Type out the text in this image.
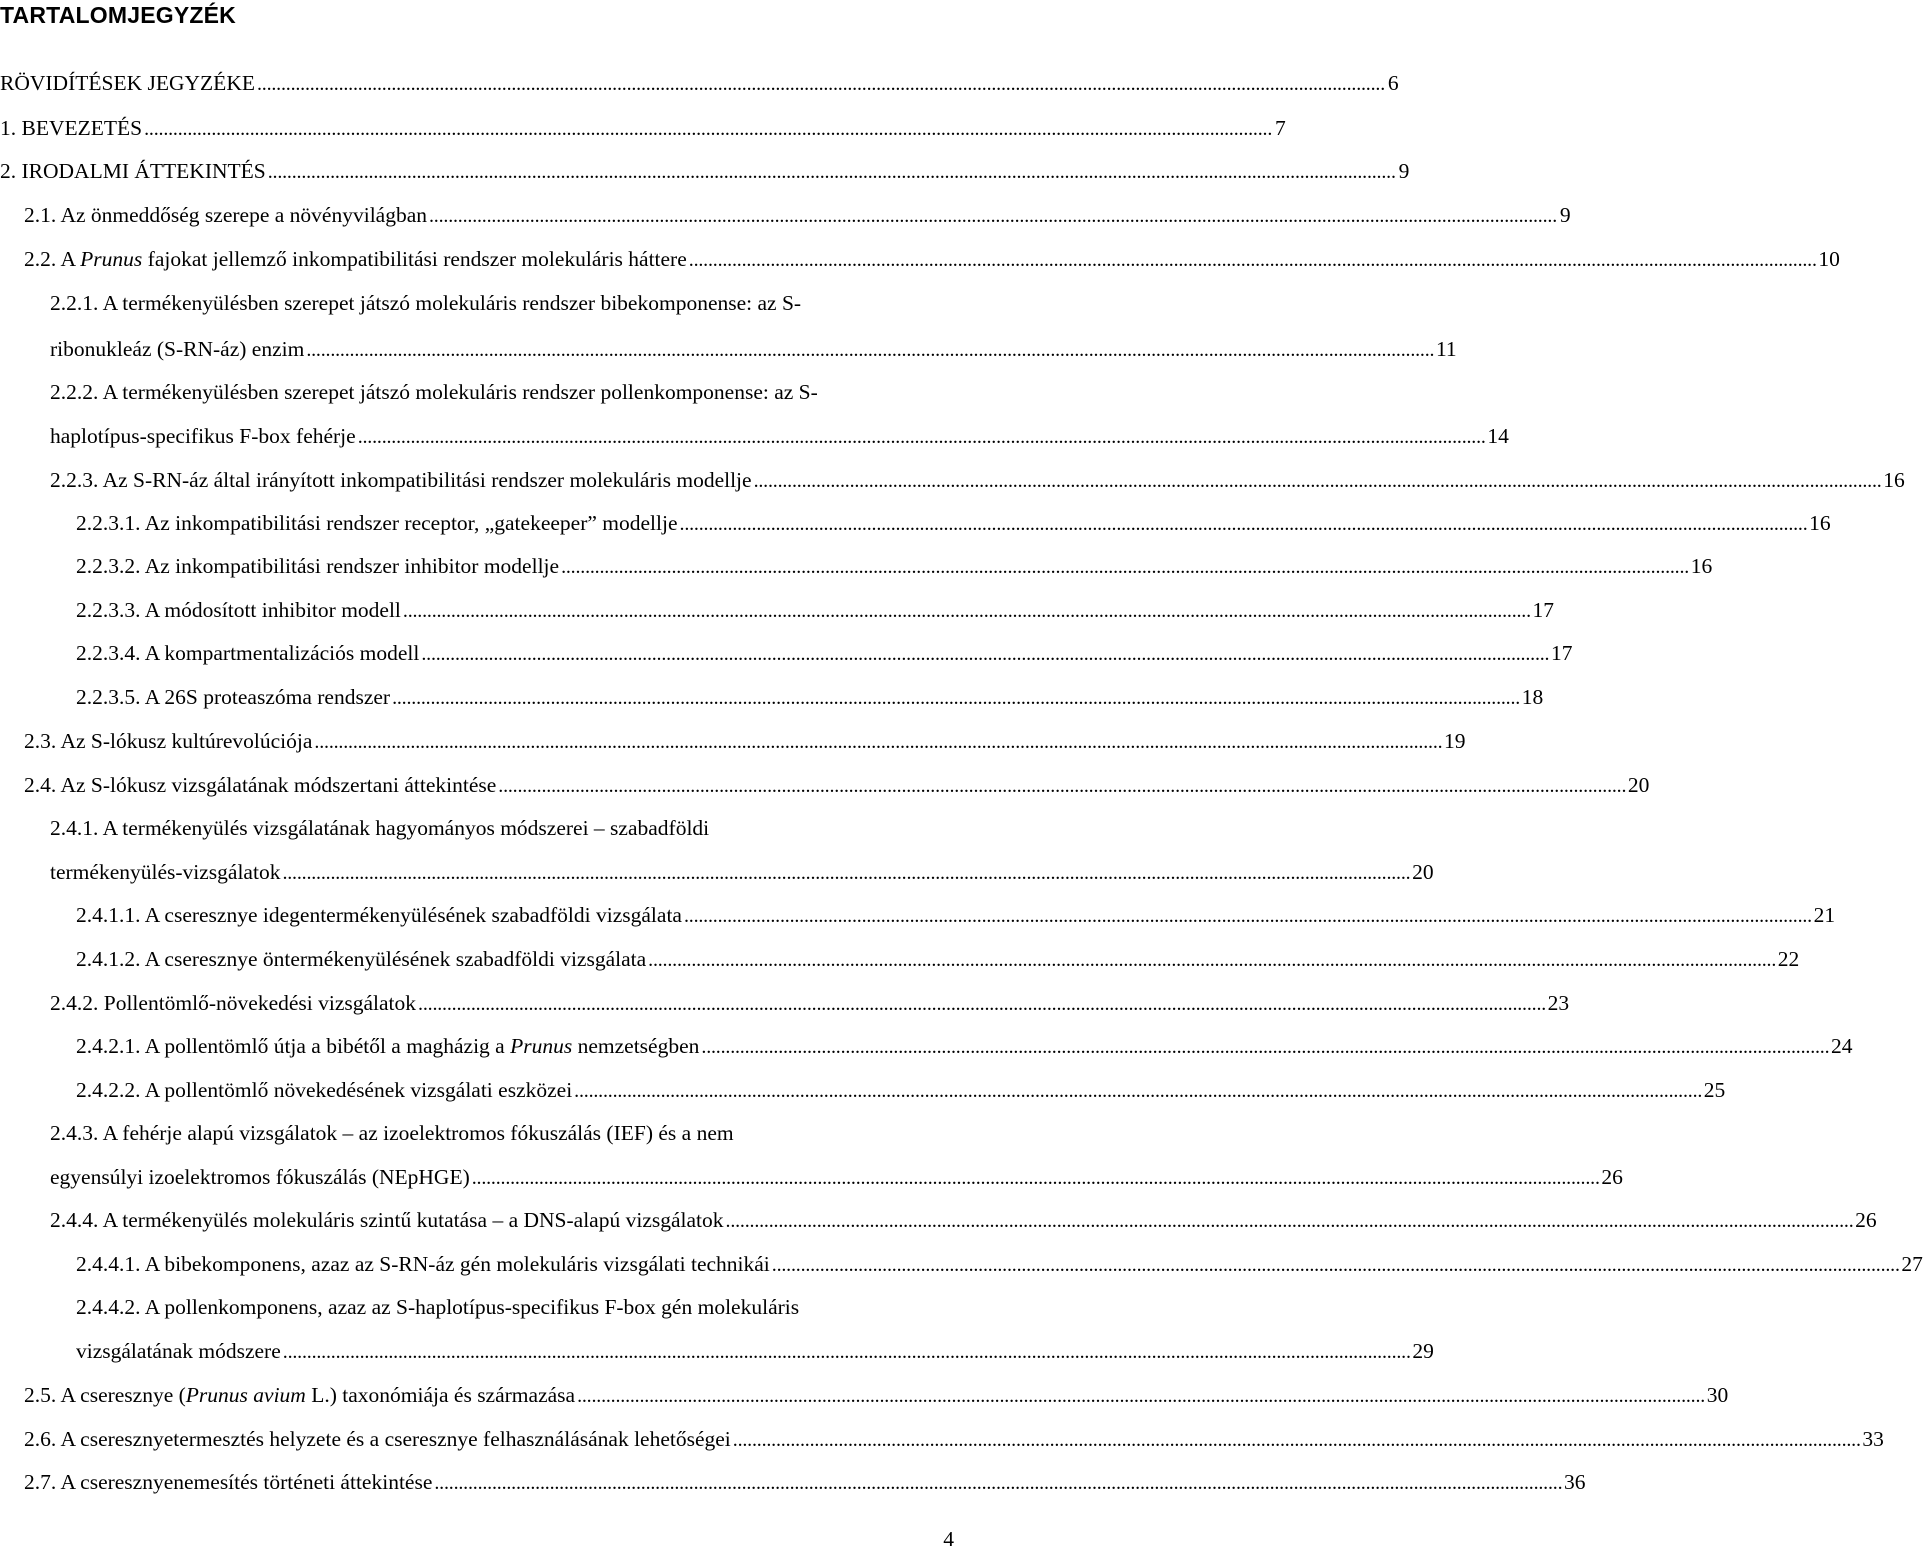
TARTALOMJEGYZÉK
RÖVIDÍTÉSEK JEGYZÉKE . . .	6
1. BEVEZETÉS . . .	7
2. IRODALMI ÁTTEKINTÉS . . .	9
2.1. Az önmeddőség szerepe a növényvilágban . . .	9
2.2. A Prunus fajokat jellemző inkompatibilitási rendszer molekuláris háttere . . .	10
2.2.1. A termékenyülésben szerepet játszó molekuláris rendszer bibekomponense: az S-
ribonukleáz (S-RN-áz) enzim . . .	11
2.2.2. A termékenyülésben szerepet játszó molekuláris rendszer pollenkomponense: az S-
haplotípus-specifikus F-box fehérje . . .	14
2.2.3. Az S-RN-áz által irányított inkompatibilitási rendszer molekuláris modellje . . .	16
2.2.3.1. Az inkompatibilitási rendszer receptor, „gatekeeper” modellje . . .	16
2.2.3.2. Az inkompatibilitási rendszer inhibitor modellje . . .	16
2.2.3.3. A módosított inhibitor modell . . .	17
2.2.3.4. A kompartmentalizációs modell . . .	17
2.2.3.5. A 26S proteaszóma rendszer . . .	18
2.3. Az S-lókusz kultúrevolúciója . . .	19
2.4. Az S-lókusz vizsgálatának módszertani áttekintése . . .	20
2.4.1. A termékenyülés vizsgálatának hagyományos módszerei – szabadföldi
termékenyülés-vizsgálatok . . .	20
2.4.1.1. A cseresznye idegentermékenyülésének szabadföldi vizsgálata . . .	21
2.4.1.2. A cseresznye öntermékenyülésének szabadföldi vizsgálata . . .	22
2.4.2. Pollentömlő-növekedési vizsgálatok . . .	23
2.4.2.1. A pollentömlő útja a bibétől a magházig a Prunus nemzetségben . . .	24
2.4.2.2. A pollentömlő növekedésének vizsgálati eszközei . . .	25
2.4.3. A fehérje alapú vizsgálatok – az izoelektromos fókuszálás (IEF) és a nem
egyensúlyi izoelektromos fókuszálás (NEpHGE) . . .	26
2.4.4. A termékenyülés molekuláris szintű kutatása – a DNS-alapú vizsgálatok . . .	26
2.4.4.1. A bibekomponens, azaz az S-RN-áz gén molekuláris vizsgálati technikái . . .	27
2.4.4.2. A pollenkomponens, azaz az S-haplotípus-specifikus F-box gén molekuláris
vizsgálatának módszere . . .	29
2.5. A cseresznye (Prunus avium L.) taxonómiája és származása . . .	30
2.6. A cseresznyetermesztés helyzete és a cseresznye felhasználásának lehetőségei . . .	33
2.7. A cseresznyenemesítés történeti áttekintése . . .	36
4
